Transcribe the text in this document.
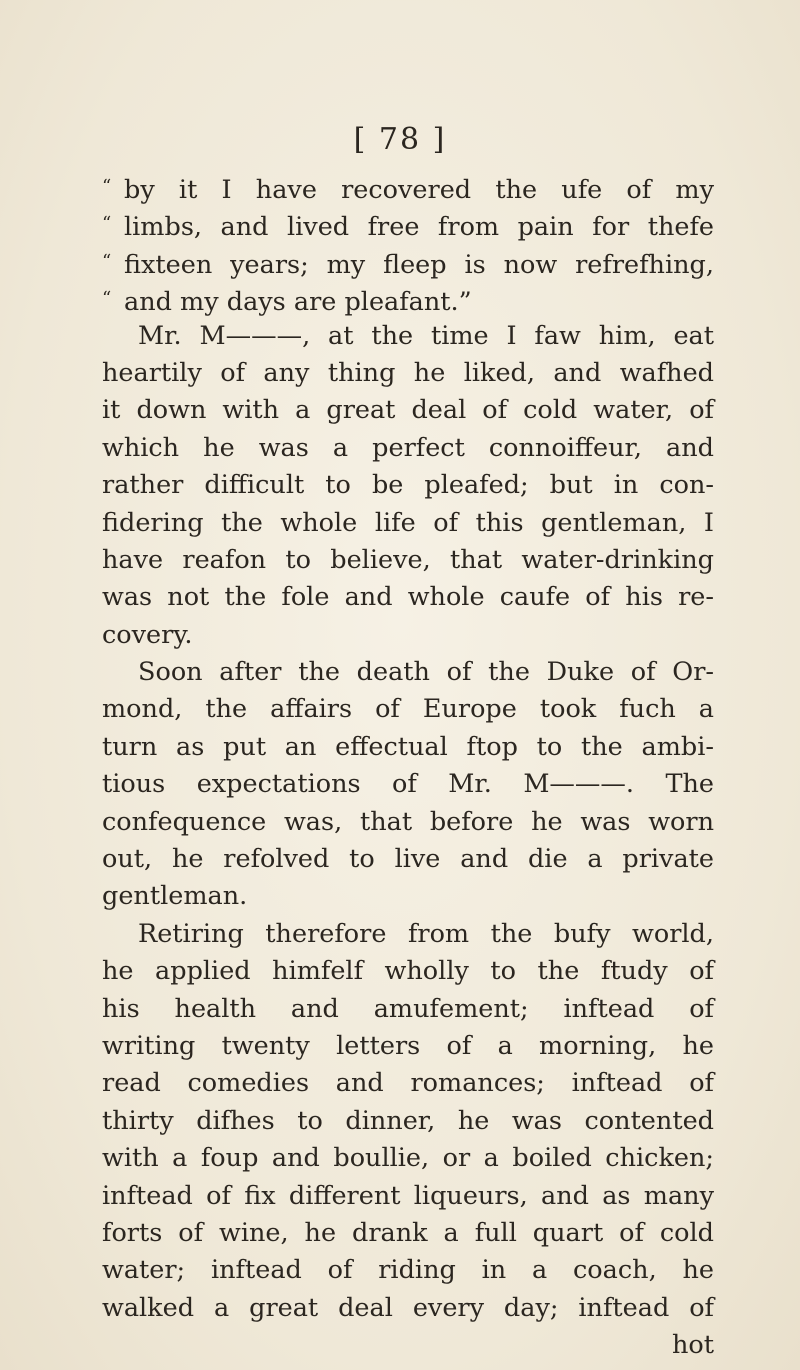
[ 78 ]
“ by it I have recovered the ufe of my
“ limbs, and lived free from pain for thefe
“ fixteen years; my fleep is now refrefhing,
“ and my days are pleafant.”
Mr. M———, at the time I faw him, eat
heartily of any thing he liked, and wafhed
it down with a great deal of cold water, of
which he was a perfect connoiffeur, and
rather difficult to be pleafed; but in con-
fidering the whole life of this gentleman, I
have reafon to believe, that water-drinking
was not the fole and whole caufe of his re-
covery.
Soon after the death of the Duke of Or-
mond, the affairs of Europe took fuch a
turn as put an effectual ftop to the ambi-
tious expectations of Mr. M———. The
confequence was, that before he was worn
out, he refolved to live and die a private
gentleman.
Retiring therefore from the bufy world,
he applied himfelf wholly to the ftudy of
his health and amufement; inftead of
writing twenty letters of a morning, he
read comedies and romances; inftead of
thirty difhes to dinner, he was contented
with a foup and boullie, or a boiled chicken;
inftead of fix different liqueurs, and as many
forts of wine, he drank a full quart of cold
water; inftead of riding in a coach, he
walked a great deal every day; inftead of
hot
